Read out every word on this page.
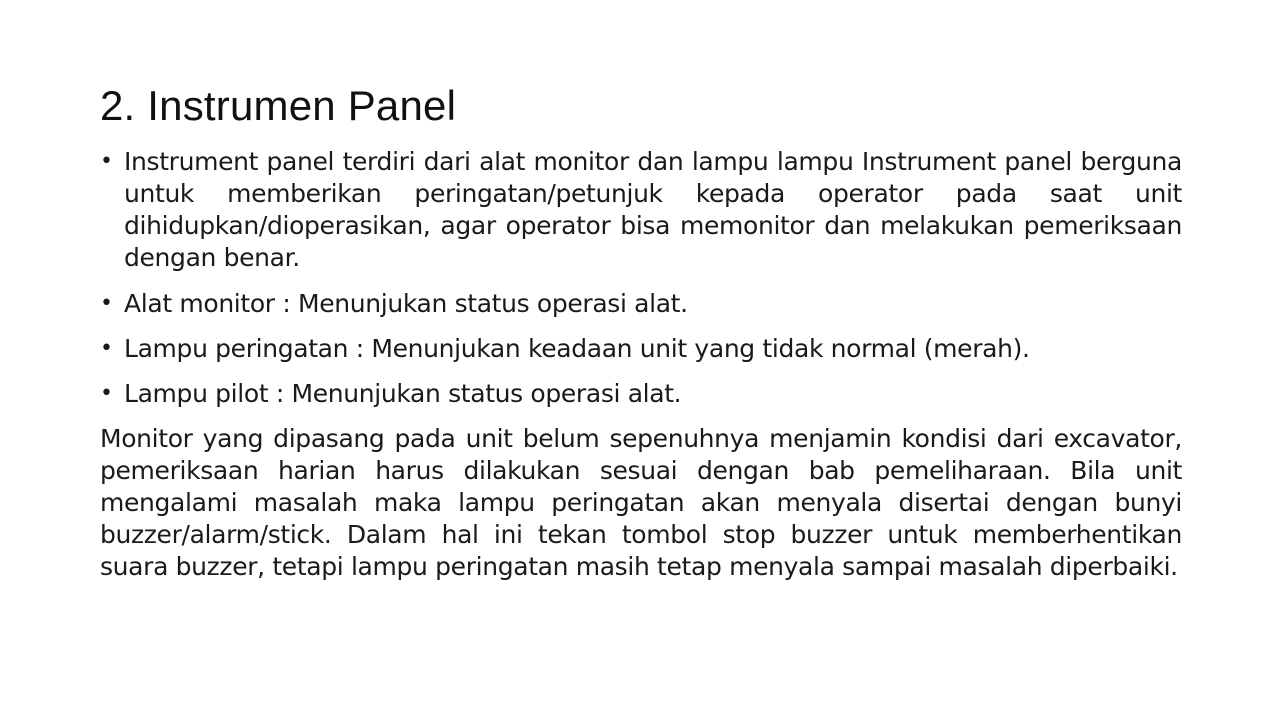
2. Instrumen Panel
• Instrument panel terdiri dari alat monitor dan lampu lampu Instrument panel berguna untuk memberikan peringatan/petunjuk kepada operator pada saat unit dihidupkan/dioperasikan, agar operator bisa memonitor dan melakukan pemeriksaan dengan benar.
• Alat monitor : Menunjukan status operasi alat.
• Lampu peringatan : Menunjukan keadaan unit yang tidak normal (merah).
• Lampu pilot : Menunjukan status operasi alat.

Monitor yang dipasang pada unit belum sepenuhnya menjamin kondisi dari excavator, pemeriksaan harian harus dilakukan sesuai dengan bab pemeliharaan. Bila unit mengalami masalah maka lampu peringatan akan menyala disertai dengan bunyi buzzer/alarm/stick. Dalam hal ini tekan tombol stop buzzer untuk memberhentikan suara buzzer, tetapi lampu peringatan masih tetap menyala sampai masalah diperbaiki.
